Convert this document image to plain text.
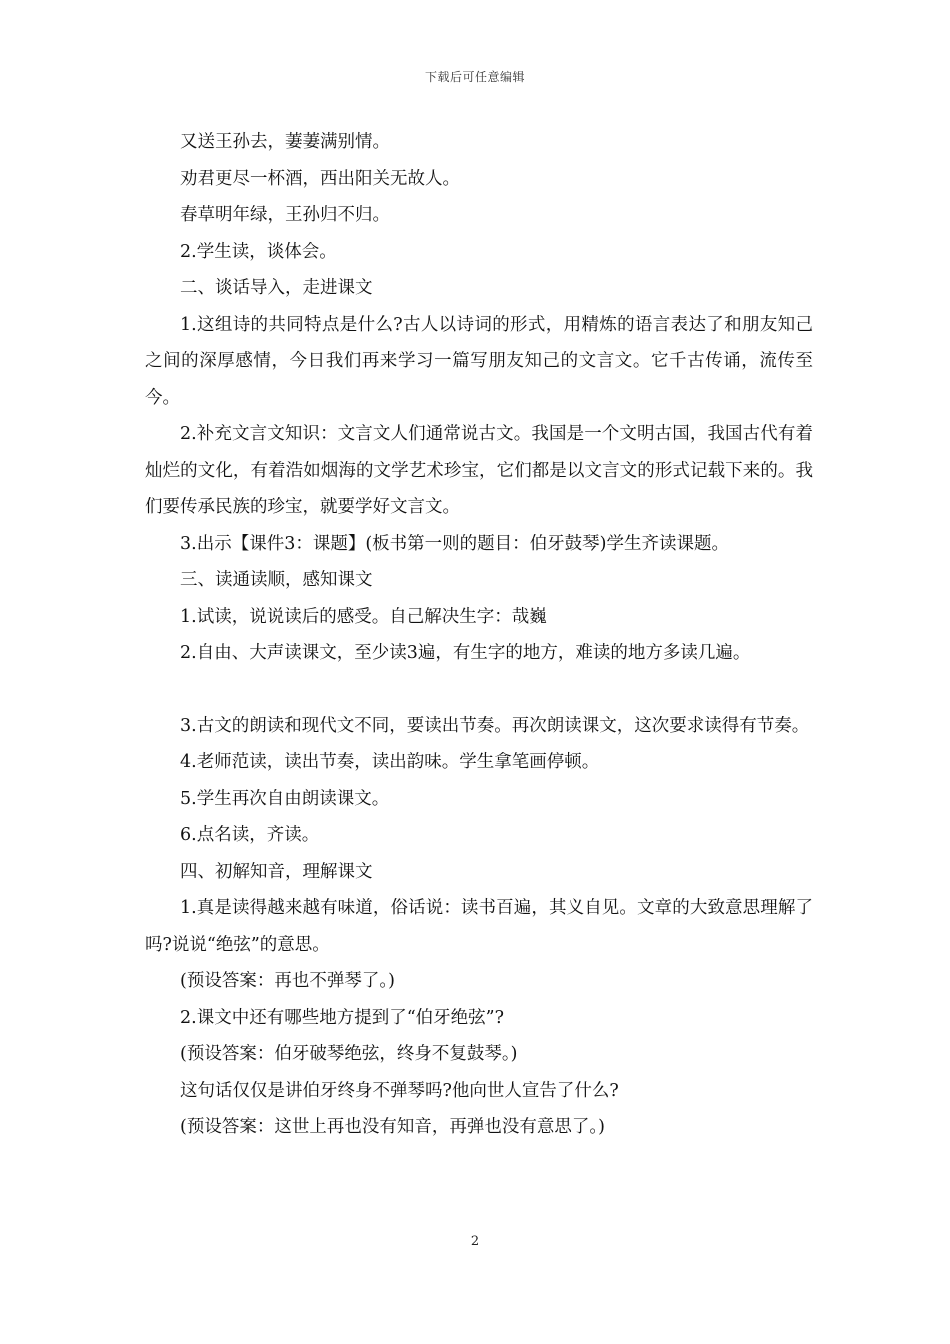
下载后可任意编辑

又送王孙去，萋萋满别情。

劝君更尽一杯酒，西出阳关无故人。

春草明年绿，王孙归不归。

2.学生读，谈体会。

二、谈话导入，走进课文

1.这组诗的共同特点是什么?古人以诗词的形式，用精炼的语言表达了和朋友知己之间的深厚感情，今日我们再来学习一篇写朋友知己的文言文。它千古传诵，流传至今。

2.补充文言文知识：文言文人们通常说古文。我国是一个文明古国，我国古代有着灿烂的文化，有着浩如烟海的文学艺术珍宝，它们都是以文言文的形式记载下来的。我们要传承民族的珍宝，就要学好文言文。

3.出示【课件3：课题】(板书第一则的题目：伯牙鼓琴)学生齐读课题。

三、读通读顺，感知课文

1.试读，说说读后的感受。自己解决生字：哉巍

2.自由、大声读课文，至少读3遍，有生字的地方，难读的地方多读几遍。

3.古文的朗读和现代文不同，要读出节奏。再次朗读课文，这次要求读得有节奏。

4.老师范读，读出节奏，读出韵味。学生拿笔画停顿。

5.学生再次自由朗读课文。

6.点名读，齐读。

四、初解知音，理解课文

1.真是读得越来越有味道，俗话说：读书百遍，其义自见。文章的大致意思理解了吗?说说“绝弦”的意思。

(预设答案：再也不弹琴了。)

2.课文中还有哪些地方提到了“伯牙绝弦”?

(预设答案：伯牙破琴绝弦，终身不复鼓琴。)

这句话仅仅是讲伯牙终身不弹琴吗?他向世人宣告了什么?

(预设答案：这世上再也没有知音，再弹也没有意思了。)

2
